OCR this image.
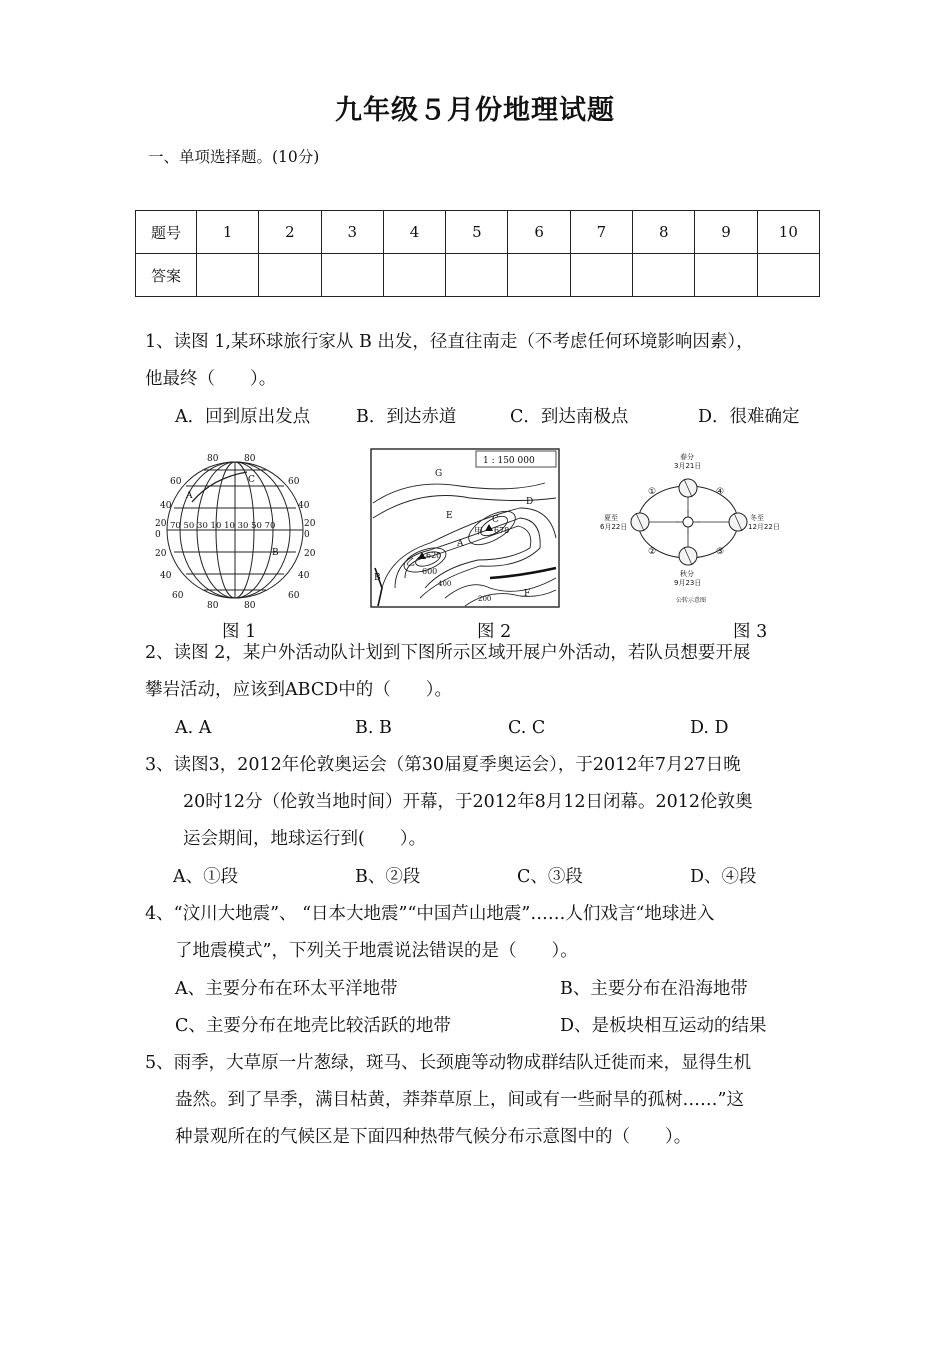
九年级５月份地理试题
一、单项选择题。(10分)
题号	1	2	3	4	5	6	7	8	9	10
答案										
1、读图 1,某环球旅行家从 B 出发，径直往南走（不考虑任何环境影响因素），
他最终（　　）。
A．回到原出发点	B．到达赤道	C．到达南极点	D．很难确定
80	80
60
40
20
0
20
40
60
60
40
20
0
20
40
60
80	80
70 50 30 10 10 30 50 70
A
B
C
1 : 150 000
A
B
C
D
E
F
G
甲
乙
620
600
678
400
200
春分
3月21日
夏至
6月22日
冬至
12月22日
秋分
9月23日
①
②	③
④
公转示意图
图 1	图 2	图 3
2、读图 2，某户外活动队计划到下图所示区域开展户外活动，若队员想要开展
攀岩活动，应该到ABCD中的（　　）。
A. A	B. B	C. C	D. D
3、读图3，2012年伦敦奥运会（第30届夏季奥运会），于2012年7月27日晚
20时12分（伦敦当地时间）开幕，于2012年8月12日闭幕。2012伦敦奥
运会期间，地球运行到(　　）。
A、①段	B、②段	C、③段	D、④段
4、“汶川大地震”、 “日本大地震”“中国芦山地震”……人们戏言“地球进入
了地震模式”，下列关于地震说法错误的是（　　）。
A、主要分布在环太平洋地带	B、主要分布在沿海地带
C、主要分布在地壳比较活跃的地带	D、是板块相互运动的结果
5、雨季，大草原一片葱绿，斑马、长颈鹿等动物成群结队迁徙而来，显得生机
盎然。到了旱季，满目枯黄，莽莽草原上，间或有一些耐旱的孤树……”这
种景观所在的气候区是下面四种热带气候分布示意图中的（　　）。
